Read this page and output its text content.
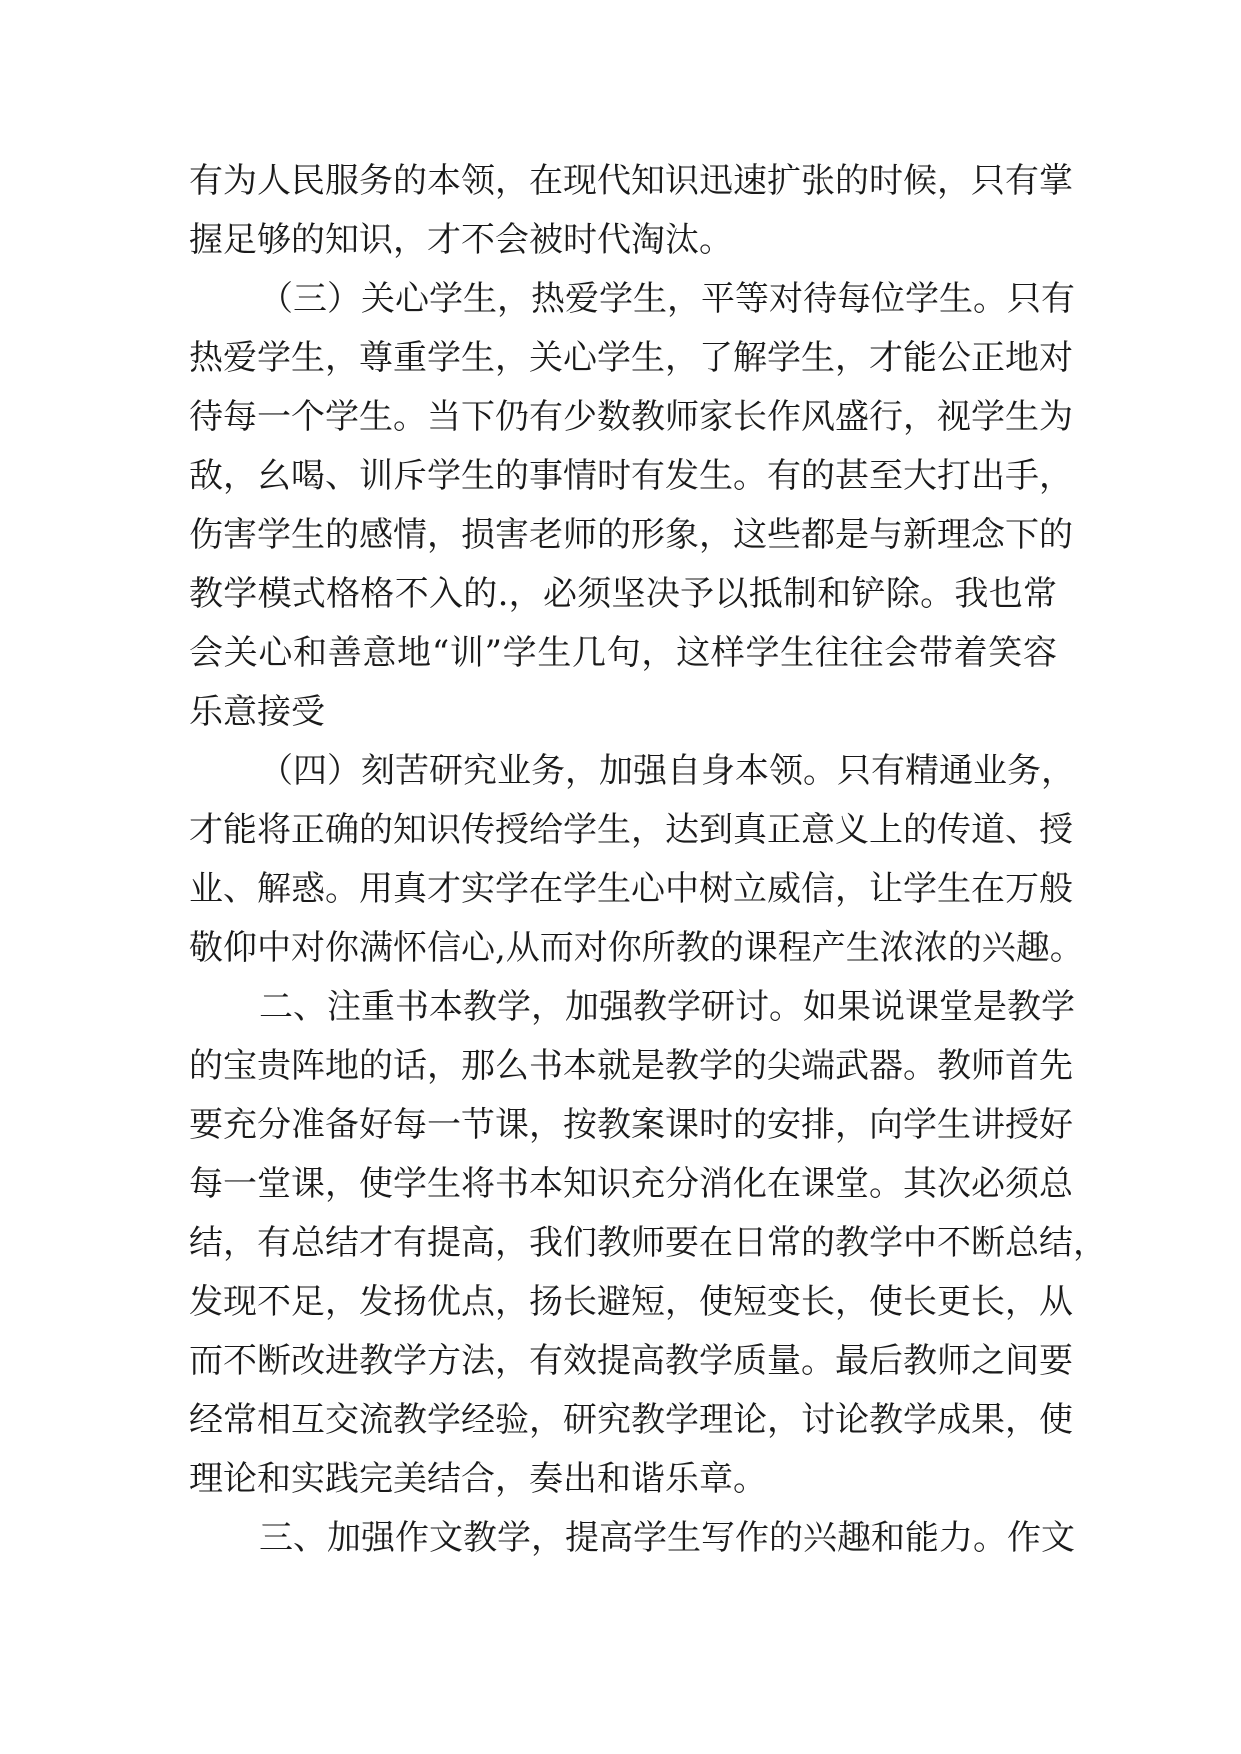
有为人民服务的本领，在现代知识迅速扩张的时候，只有掌
握足够的知识，才不会被时代淘汰。
（三）关心学生，热爱学生，平等对待每位学生。只有
热爱学生，尊重学生，关心学生，了解学生，才能公正地对
待每一个学生。当下仍有少数教师家长作风盛行，视学生为
敌，幺喝、训斥学生的事情时有发生。有的甚至大打出手，
伤害学生的感情，损害老师的形象，这些都是与新理念下的
教学模式格格不入的.，必须坚决予以抵制和铲除。我也常
会关心和善意地“训”学生几句，这样学生往往会带着笑容
乐意接受
（四）刻苦研究业务，加强自身本领。只有精通业务，
才能将正确的知识传授给学生，达到真正意义上的传道、授
业、解惑。用真才实学在学生心中树立威信，让学生在万般
敬仰中对你满怀信心,从而对你所教的课程产生浓浓的兴趣。
二、注重书本教学，加强教学研讨。如果说课堂是教学
的宝贵阵地的话，那么书本就是教学的尖端武器。教师首先
要充分准备好每一节课，按教案课时的安排，向学生讲授好
每一堂课，使学生将书本知识充分消化在课堂。其次必须总
结，有总结才有提高，我们教师要在日常的教学中不断总结，
发现不足，发扬优点，扬长避短，使短变长，使长更长，从
而不断改进教学方法，有效提高教学质量。最后教师之间要
经常相互交流教学经验，研究教学理论，讨论教学成果，使
理论和实践完美结合，奏出和谐乐章。
三、加强作文教学，提高学生写作的兴趣和能力。作文
